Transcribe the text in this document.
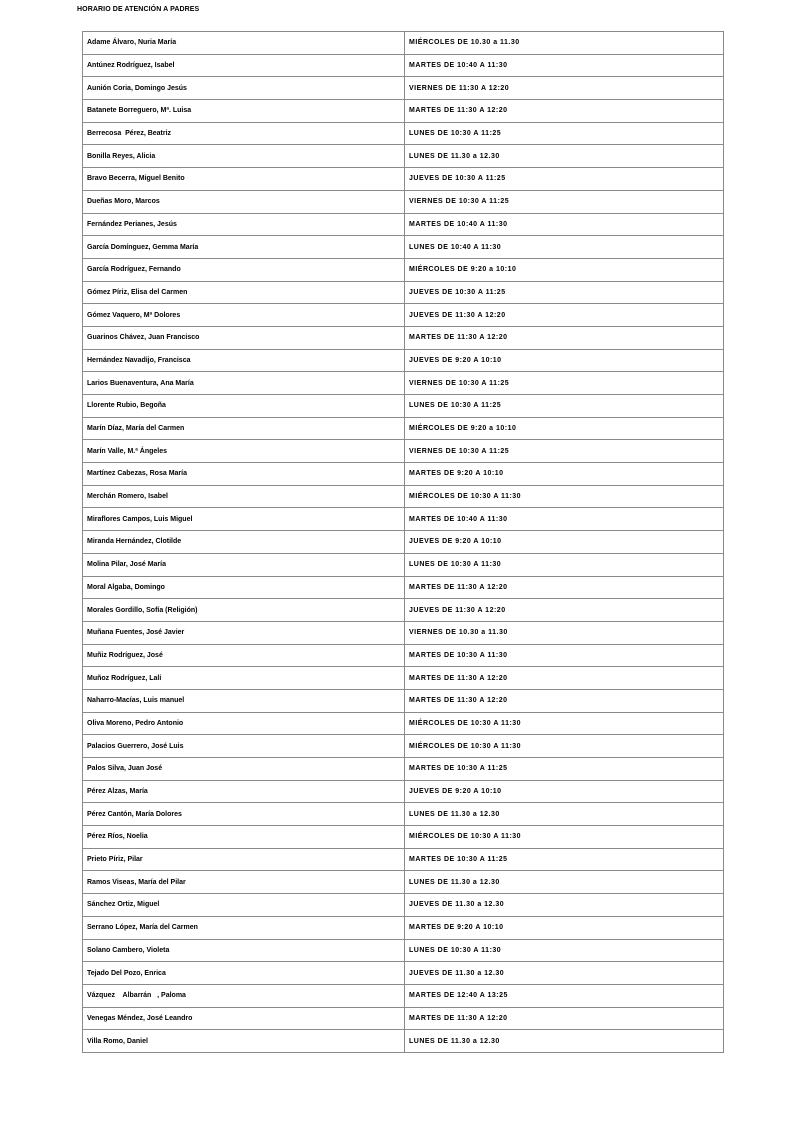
HORARIO DE ATENCIÓN A PADRES
Adame Álvaro, Nuria María	MIÉRCOLES DE 10.30 a 11.30
Antúnez Rodríguez, Isabel	MARTES DE 10:40 A 11:30
Aunión Coria, Domingo Jesús	VIERNES DE 11:30 A 12:20
Batanete Borreguero, Mª. Luisa	MARTES DE 11:30 A 12:20
Berrecosa  Pérez, Beatriz	LUNES DE 10:30 A 11:25
Bonilla Reyes, Alicia	LUNES DE 11.30 a 12.30
Bravo Becerra, Miguel Benito	JUEVES DE 10:30 A 11:25
Dueñas Moro, Marcos	VIERNES DE 10:30 A 11:25
Fernández Perianes, Jesús	MARTES DE 10:40 A 11:30
García Domínguez, Gemma María	LUNES DE 10:40 A 11:30
García Rodríguez, Fernando	MIÉRCOLES DE 9:20 a 10:10
Gómez Píriz, Elisa del Carmen	JUEVES DE 10:30 A 11:25
Gómez Vaquero, Mª Dolores	JUEVES DE 11:30 A 12:20
Guarinos Chávez, Juan Francisco	MARTES DE 11:30 A 12:20
Hernández Navadijo, Francisca	JUEVES DE 9:20 A 10:10
Larios Buenaventura, Ana María	VIERNES DE 10:30 A 11:25
Llorente Rubio, Begoña	LUNES DE 10:30 A 11:25
Marín Díaz, María del Carmen	MIÉRCOLES DE 9:20 a 10:10
Marín Valle, M.ª Ángeles	VIERNES DE 10:30 A 11:25
Martínez Cabezas, Rosa María	MARTES DE 9:20 A 10:10
Merchán Romero, Isabel	MIÉRCOLES DE 10:30 A 11:30
Miraflores Campos, Luis Miguel	MARTES DE 10:40 A 11:30
Miranda Hernández, Clotilde	JUEVES DE 9:20 A 10:10
Molina Pilar, José María	LUNES DE 10:30 A 11:30
Moral Algaba, Domingo	MARTES DE 11:30 A 12:20
Morales Gordillo, Sofía (Religión)	JUEVES DE 11:30 A 12:20
Muñana Fuentes, José Javier	VIERNES DE 10.30 a 11.30
Muñiz Rodríguez, José	MARTES DE 10:30 A 11:30
Muñoz Rodríguez, Lali	MARTES DE 11:30 A 12:20
Naharro-Macías, Luis manuel	MARTES DE 11:30 A 12:20
Oliva Moreno, Pedro Antonio	MIÉRCOLES DE 10:30 A 11:30
Palacios Guerrero, José Luis	MIÉRCOLES DE 10:30 A 11:30
Palos Silva, Juan José	MARTES DE 10:30 A 11:25
Pérez Alzas, María	JUEVES DE 9:20 A 10:10
Pérez Cantón, María Dolores	LUNES DE 11.30 a 12.30
Pérez Ríos, Noelia	MIÉRCOLES DE 10:30 A 11:30
Prieto Píriz, Pilar	MARTES DE 10:30 A 11:25
Ramos Viseas, María del Pilar	LUNES DE 11.30 a 12.30
Sánchez Ortiz, Miguel	JUEVES DE 11.30 a 12.30
Serrano López, María del Carmen	MARTES DE 9:20 A 10:10
Solano Cambero, Violeta	LUNES DE 10:30 A 11:30
Tejado Del Pozo, Enrica	JUEVES DE 11.30 a 12.30
Vázquez    Albarrán   , Paloma	MARTES DE 12:40 A 13:25
Venegas Méndez, José Leandro	MARTES DE 11:30 A 12:20
Villa Romo, Daniel	LUNES DE 11.30 a 12.30
